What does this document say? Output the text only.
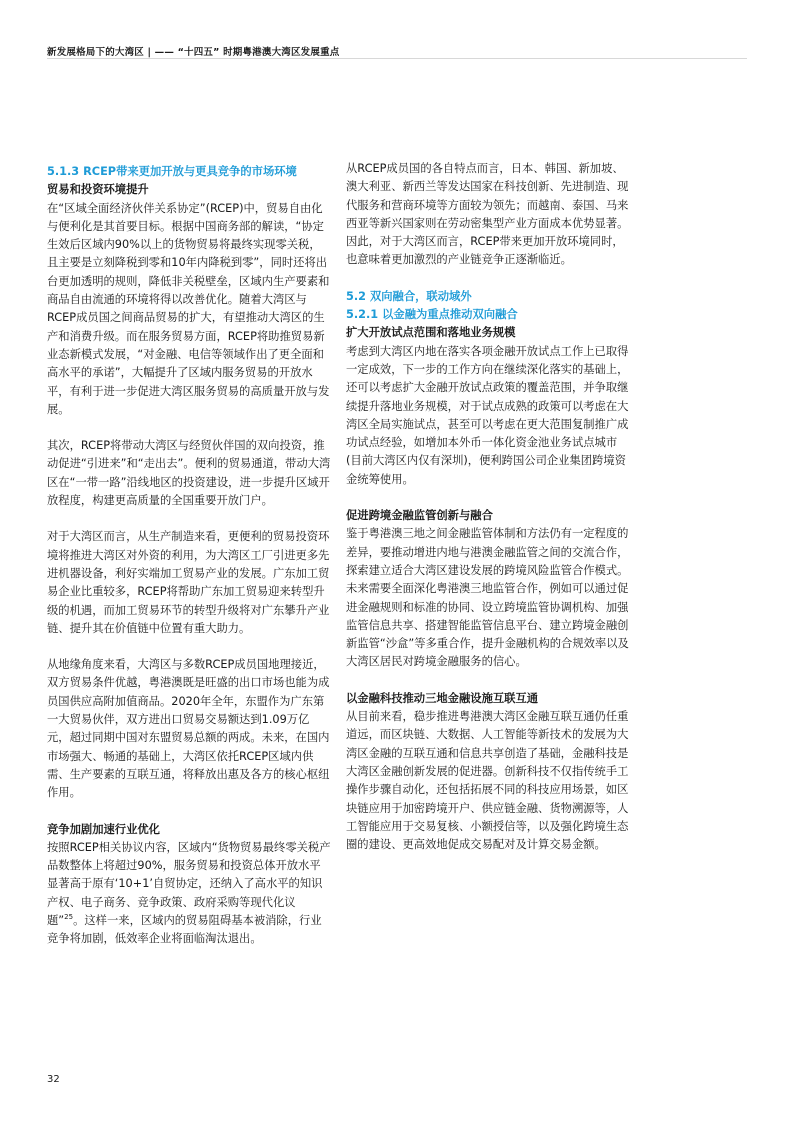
新发展格局下的大湾区 | —— “十四五” 时期粤港澳大湾区发展重点

5.1.3 RCEP带来更加开放与更具竞争的市场环境

贸易和投资环境提升

在“区域全面经济伙伴关系协定”(RCEP)中，贸易自由化与便利化是其首要目标。根据中国商务部的解读，“协定生效后区域内90%以上的货物贸易将最终实现零关税，且主要是立刻降税到零和10年内降税到零”，同时还将出台更加透明的规则，降低非关税壁垒，区域内生产要素和商品自由流通的环境将得以改善优化。随着大湾区与RCEP成员国之间商品贸易的扩大，有望推动大湾区的生产和消费升级。而在服务贸易方面，RCEP将助推贸易新业态新模式发展，“对金融、电信等领域作出了更全面和高水平的承诺”，大幅提升了区域内服务贸易的开放水平，有利于进一步促进大湾区服务贸易的高质量开放与发展。

其次，RCEP将带动大湾区与经贸伙伴国的双向投资，推动促进“引进来”和“走出去”。便利的贸易通道，带动大湾区在“一带一路”沿线地区的投资建设，进一步提升区域开放程度，构建更高质量的全国重要开放门户。

对于大湾区而言，从生产制造来看，更便利的贸易投资环境将推进大湾区对外资的利用，为大湾区工厂引进更多先进机器设备，利好实端加工贸易产业的发展。广东加工贸易企业比重较多，RCEP将帮助广东加工贸易迎来转型升级的机遇，而加工贸易环节的转型升级将对广东攀升产业链、提升其在价值链中位置有重大助力。

从地缘角度来看，大湾区与多数RCEP成员国地理接近，双方贸易条件优越，粤港澳既是旺盛的出口市场也能为成员国供应高附加值商品。2020年全年，东盟作为广东第一大贸易伙伴，双方进出口贸易交易额达到1.09万亿元，超过同期中国对东盟贸易总额的两成。未来，在国内市场强大、畅通的基础上，大湾区依托RCEP区域内供需、生产要素的互联互通，将释放出惠及各方的核心枢纽作用。

竞争加剧加速行业优化

按照RCEP相关协议内容，区域内“货物贸易最终零关税产品数整体上将超过90%，服务贸易和投资总体开放水平显著高于原有‘10+1’自贸协定，还纳入了高水平的知识产权、电子商务、竞争政策、政府采购等现代化议题”$^{25}$。这样一来，区域内的贸易阻碍基本被消除，行业竞争将加剧，低效率企业将面临淘汰退出。

从RCEP成员国的各自特点而言，日本、韩国、新加坡、澳大利亚、新西兰等发达国家在科技创新、先进制造、现代服务和营商环境等方面较为领先；而越南、泰国、马来西亚等新兴国家则在劳动密集型产业方面成本优势显著。因此，对于大湾区而言，RCEP带来更加开放环境同时，也意味着更加激烈的产业链竞争正逐渐临近。

5.2 双向融合，联动域外

5.2.1 以金融为重点推动双向融合

扩大开放试点范围和落地业务规模

考虑到大湾区内地在落实各项金融开放试点工作上已取得一定成效，下一步的工作方向在继续深化落实的基础上，还可以考虑扩大金融开放试点政策的覆盖范围，并争取继续提升落地业务规模，对于试点成熟的政策可以考虑在大湾区全局实施试点，甚至可以考虑在更大范围复制推广成功试点经验，如增加本外币一体化资金池业务试点城市(目前大湾区内仅有深圳)，便利跨国公司企业集团跨境资金统筹使用。

促进跨境金融监管创新与融合

鉴于粤港澳三地之间金融监管体制和方法仍有一定程度的差异，要推动增进内地与港澳金融监管之间的交流合作，探索建立适合大湾区建设发展的跨境风险监管合作模式。未来需要全面深化粤港澳三地监管合作，例如可以通过促进金融规则和标准的协同、设立跨境监管协调机构、加强监管信息共享、搭建智能监管信息平台、建立跨境金融创新监管“沙盒”等多重合作，提升金融机构的合规效率以及大湾区居民对跨境金融服务的信心。

以金融科技推动三地金融设施互联互通

从目前来看，稳步推进粤港澳大湾区金融互联互通仍任重道远，而区块链、大数据、人工智能等新技术的发展为大湾区金融的互联互通和信息共享创造了基础，金融科技是大湾区金融创新发展的促进器。创新科技不仅指传统手工操作步骤自动化，还包括拓展不同的科技应用场景，如区块链应用于加密跨境开户、供应链金融、货物溯源等，人工智能应用于交易复核、小额授信等，以及强化跨境生态圈的建设、更高效地促成交易配对及计算交易金额。

32
